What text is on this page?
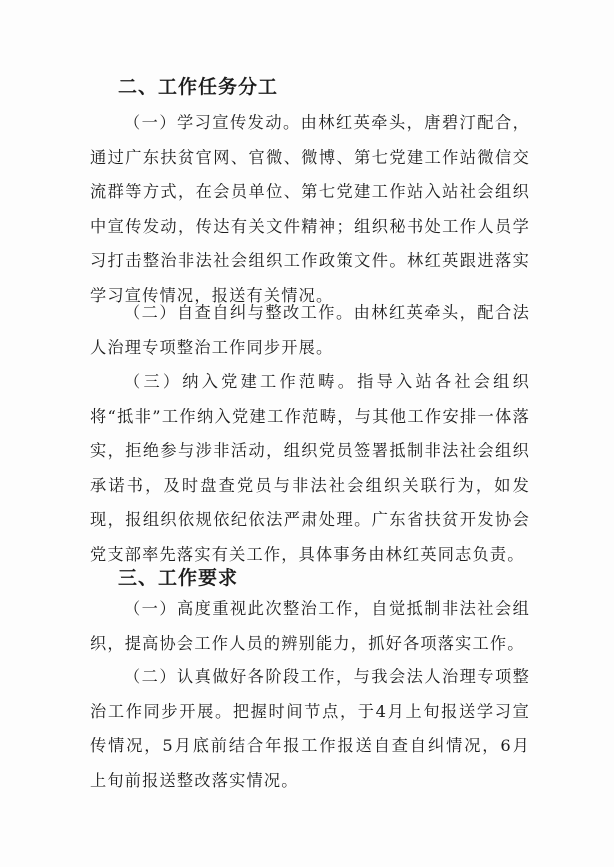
二、工作任务分工

（一）学习宣传发动。由林红英牵头，唐碧汀配合，通过广东扶贫官网、官微、微博、第七党建工作站微信交流群等方式，在会员单位、第七党建工作站入站社会组织中宣传发动，传达有关文件精神；组织秘书处工作人员学习打击整治非法社会组织工作政策文件。林红英跟进落实学习宣传情况，报送有关情况。

（二）自查自纠与整改工作。由林红英牵头，配合法人治理专项整治工作同步开展。

（三）纳入党建工作范畴。指导入站各社会组织将“抵非”工作纳入党建工作范畴，与其他工作安排一体落实，拒绝参与涉非活动，组织党员签署抵制非法社会组织承诺书，及时盘查党员与非法社会组织关联行为，如发现，报组织依规依纪依法严肃处理。广东省扶贫开发协会党支部率先落实有关工作，具体事务由林红英同志负责。

三、工作要求

（一）高度重视此次整治工作，自觉抵制非法社会组织，提高协会工作人员的辨别能力，抓好各项落实工作。

（二）认真做好各阶段工作，与我会法人治理专项整治工作同步开展。把握时间节点，于4月上旬报送学习宣传情况，5月底前结合年报工作报送自查自纠情况，6月上旬前报送整改落实情况。
